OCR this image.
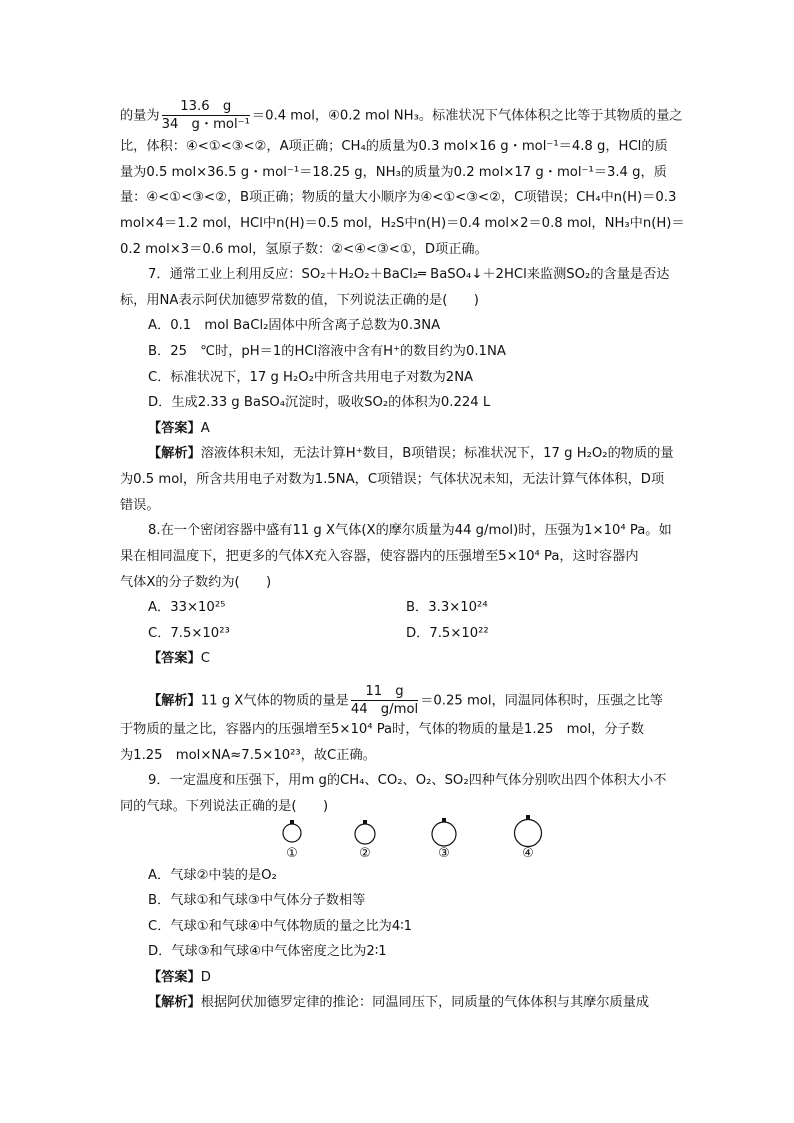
的量为 $\frac{13.6 g}{\text{34　g・mol⁻¹}} =0.4$ mol，④0.2 mol NH₃。标准状况下气体体积之比等于其物质的量之
比，体积：④<①<③<②，A项正确；CH₄的质量为0.3 mol×16 g・mol⁻¹＝4.8 g，HCl的质
量为0.5 mol×36.5 g・mol⁻¹＝18.25 g，NH₃的质量为0.2 mol×17 g・mol⁻¹＝3.4 g，质
量：④<①<③<②，B项正确；物质的量大小顺序为④<①<③<②，C项错误；CH₄中n(H)＝0.3
mol×4＝1.2 mol，HCl中n(H)＝0.5 mol，H₂S中n(H)＝0.4 mol×2＝0.8 mol，NH₃中n(H)＝
0.2 mol×3＝0.6 mol，氢原子数：②<④<③<①，D项正确。
7．通常工业上利用反应：SO₂＋H₂O₂＋BaCl₂═ BaSO₄↓＋2HCl来监测SO₂的含量是否达
标，用NA表示阿伏加德罗常数的值，下列说法正确的是(　　)
A．0.1　mol BaCl₂固体中所含离子总数为0.3NA
B．25　℃时，pH＝1的HCl溶液中含有H⁺的数目约为0.1NA
C．标准状况下，17 g H₂O₂中所含共用电子对数为2NA
D．生成2.33 g BaSO₄沉淀时，吸收SO₂的体积为0.224 L
【答案】A
【解析】溶液体积未知，无法计算H⁺数目，B项错误；标准状况下，17 g H₂O₂的物质的量
为0.5 mol，所含共用电子对数为1.5NA，C项错误；气体状况未知，无法计算气体体积，D项
错误。
8.在一个密闭容器中盛有11 g X气体(X的摩尔质量为44 g/mol)时，压强为1×10⁴ Pa。如
果在相同温度下，把更多的气体X充入容器，使容器内的压强增至5×10⁴ Pa，这时容器内
气体X的分子数约为(　　)
A．33×10²⁵	B．3.3×10²⁴
C．7.5×10²³	D．7.5×10²²
【答案】C
【解析】11 g X气体的物质的量是 $\frac{11 g}{\text{44　g/mol}} =0.25$ mol，同温同体积时，压强之比等
于物质的量之比，容器内的压强增至5×10⁴ Pa时，气体的物质的量是1.25　mol，分子数
为1.25　mol×NA≈7.5×10²³，故C正确。
9．一定温度和压强下，用m g的CH₄、CO₂、O₂、SO₂四种气体分别吹出四个体积大小不
同的气球。下列说法正确的是(　　)
①	②	③	④
A．气球②中装的是O₂
B．气球①和气球③中气体分子数相等
C．气球①和气球④中气体物质的量之比为4∶1
D．气球③和气球④中气体密度之比为2∶1
【答案】D
【解析】根据阿伏加德罗定律的推论：同温同压下，同质量的气体体积与其摩尔质量成
